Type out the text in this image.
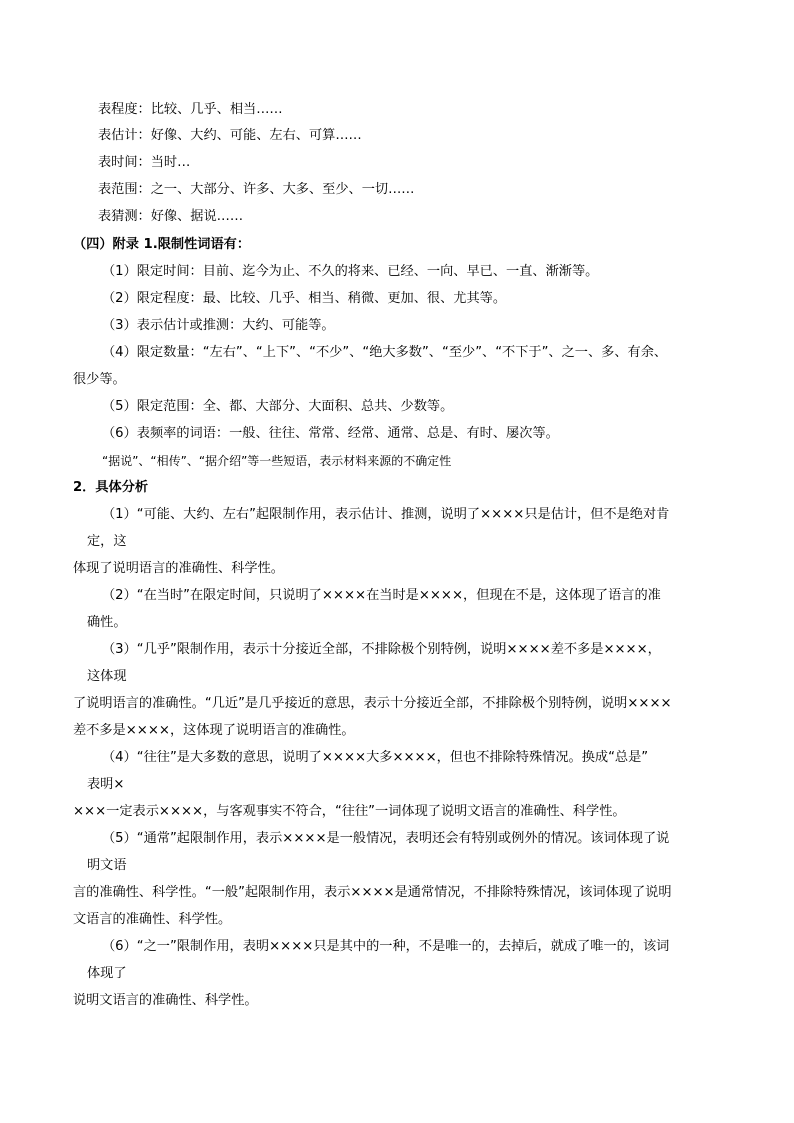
表程度：比较、几乎、相当……
表估计：好像、大约、可能、左右、可算……
表时间：当时…
表范围：之一、大部分、许多、大多、至少、一切……
表猜测：好像、据说……
（四）附录 1.限制性词语有：
（1）限定时间：目前、迄今为止、不久的将来、已经、一向、早已、一直、渐渐等。
（2）限定程度：最、比较、几乎、相当、稍微、更加、很、尤其等。
（3）表示估计或推测：大约、可能等。
（4）限定数量：“左右”、“上下”、“不少”、“绝大多数”、“至少”、“不下于”、之一、多、有余、
很少等。
（5）限定范围：全、都、大部分、大面积、总共、少数等。
（6）表频率的词语：一般、往往、常常、经常、通常、总是、有时、屡次等。
“据说”、“相传”、“据介绍”等一些短语，表示材料来源的不确定性
2．具体分析
（1）“可能、大约、左右”起限制作用，表示估计、推测，说明了××××只是估计，但不是绝对肯
定，这
体现了说明语言的准确性、科学性。
（2）“在当时”在限定时间，只说明了××××在当时是××××，但现在不是，这体现了语言的准
确性。
（3）“几乎”限制作用，表示十分接近全部，不排除极个别特例，说明××××差不多是××××，
这体现
了说明语言的准确性。“几近”是几乎接近的意思，表示十分接近全部，不排除极个别特例，说明××××
差不多是××××，这体现了说明语言的准确性。
（4）“往往”是大多数的意思，说明了××××大多××××，但也不排除特殊情况。换成“总是”
表明×
×××一定表示××××，与客观事实不符合，“往往”一词体现了说明文语言的准确性、科学性。
（5）“通常”起限制作用，表示××××是一般情况，表明还会有特别或例外的情况。该词体现了说
明文语
言的准确性、科学性。“一般”起限制作用，表示××××是通常情况，不排除特殊情况，该词体现了说明
文语言的准确性、科学性。
（6）“之一”限制作用，表明××××只是其中的一种，不是唯一的，去掉后，就成了唯一的，该词
体现了
说明文语言的准确性、科学性。
